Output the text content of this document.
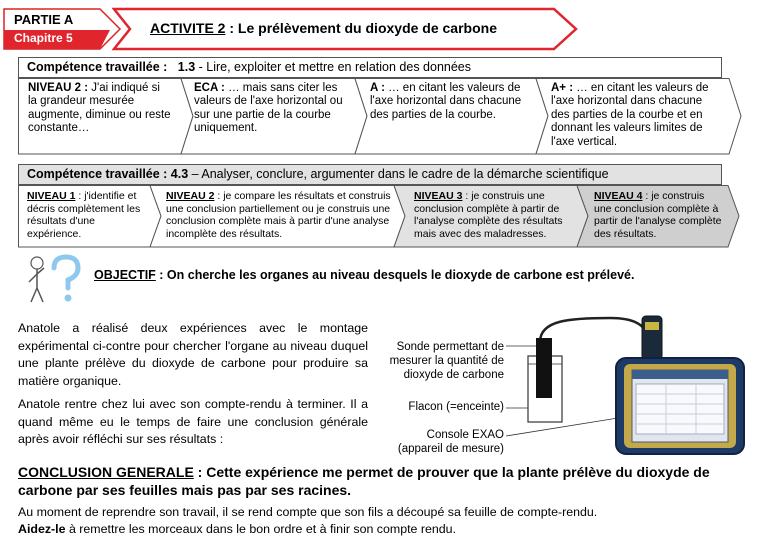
PARTIE A
Chapitre 5
ACTIVITE 2 : Le prélèvement du dioxyde de carbone
Compétence travaillée : 1.3 - Lire, exploiter et mettre en relation des données
NIVEAU 2 : J'ai indiqué si la grandeur mesurée augmente, diminue ou reste constante…
ECA : … mais sans citer les valeurs de l'axe horizontal ou sur une partie de la courbe uniquement.
A : … en citant les valeurs de l'axe horizontal dans chacune des parties de la courbe.
A+ : … en citant les valeurs de l'axe horizontal dans chacune des parties de la courbe et en donnant les valeurs limites de l'axe vertical.
Compétence travaillée : 4.3 – Analyser, conclure, argumenter dans le cadre de la démarche scientifique
NIVEAU 1 : j'identifie et décris complètement les résultats d'une expérience.
NIVEAU 2 : je compare les résultats et construis une conclusion partiellement ou je construis une conclusion complète mais à partir d'une analyse incomplète des résultats.
NIVEAU 3 : je construis une conclusion complète à partir de l'analyse complète des résultats mais avec des maladresses.
NIVEAU 4 : je construis une conclusion complète à partir de l'analyse complète des résultats.
OBJECTIF : On cherche les organes au niveau desquels le dioxyde de carbone est prélevé.
Anatole a réalisé deux expériences avec le montage expérimental ci-contre pour chercher l'organe au niveau duquel une plante prélève du dioxyde de carbone pour produire sa matière organique.
Anatole rentre chez lui avec son compte-rendu à terminer. Il a quand même eu le temps de faire une conclusion générale après avoir réfléchi sur ses résultats :
Sonde permettant de mesurer la quantité de dioxyde de carbone
Flacon (=enceinte)
Console EXAO (appareil de mesure)
CONCLUSION GENERALE : Cette expérience me permet de prouver que la plante prélève du dioxyde de carbone par ses feuilles mais pas par ses racines.
Au moment de reprendre son travail, il se rend compte que son fils a découpé sa feuille de compte-rendu.
Aidez-le à remettre les morceaux dans le bon ordre et à finir son compte rendu.
